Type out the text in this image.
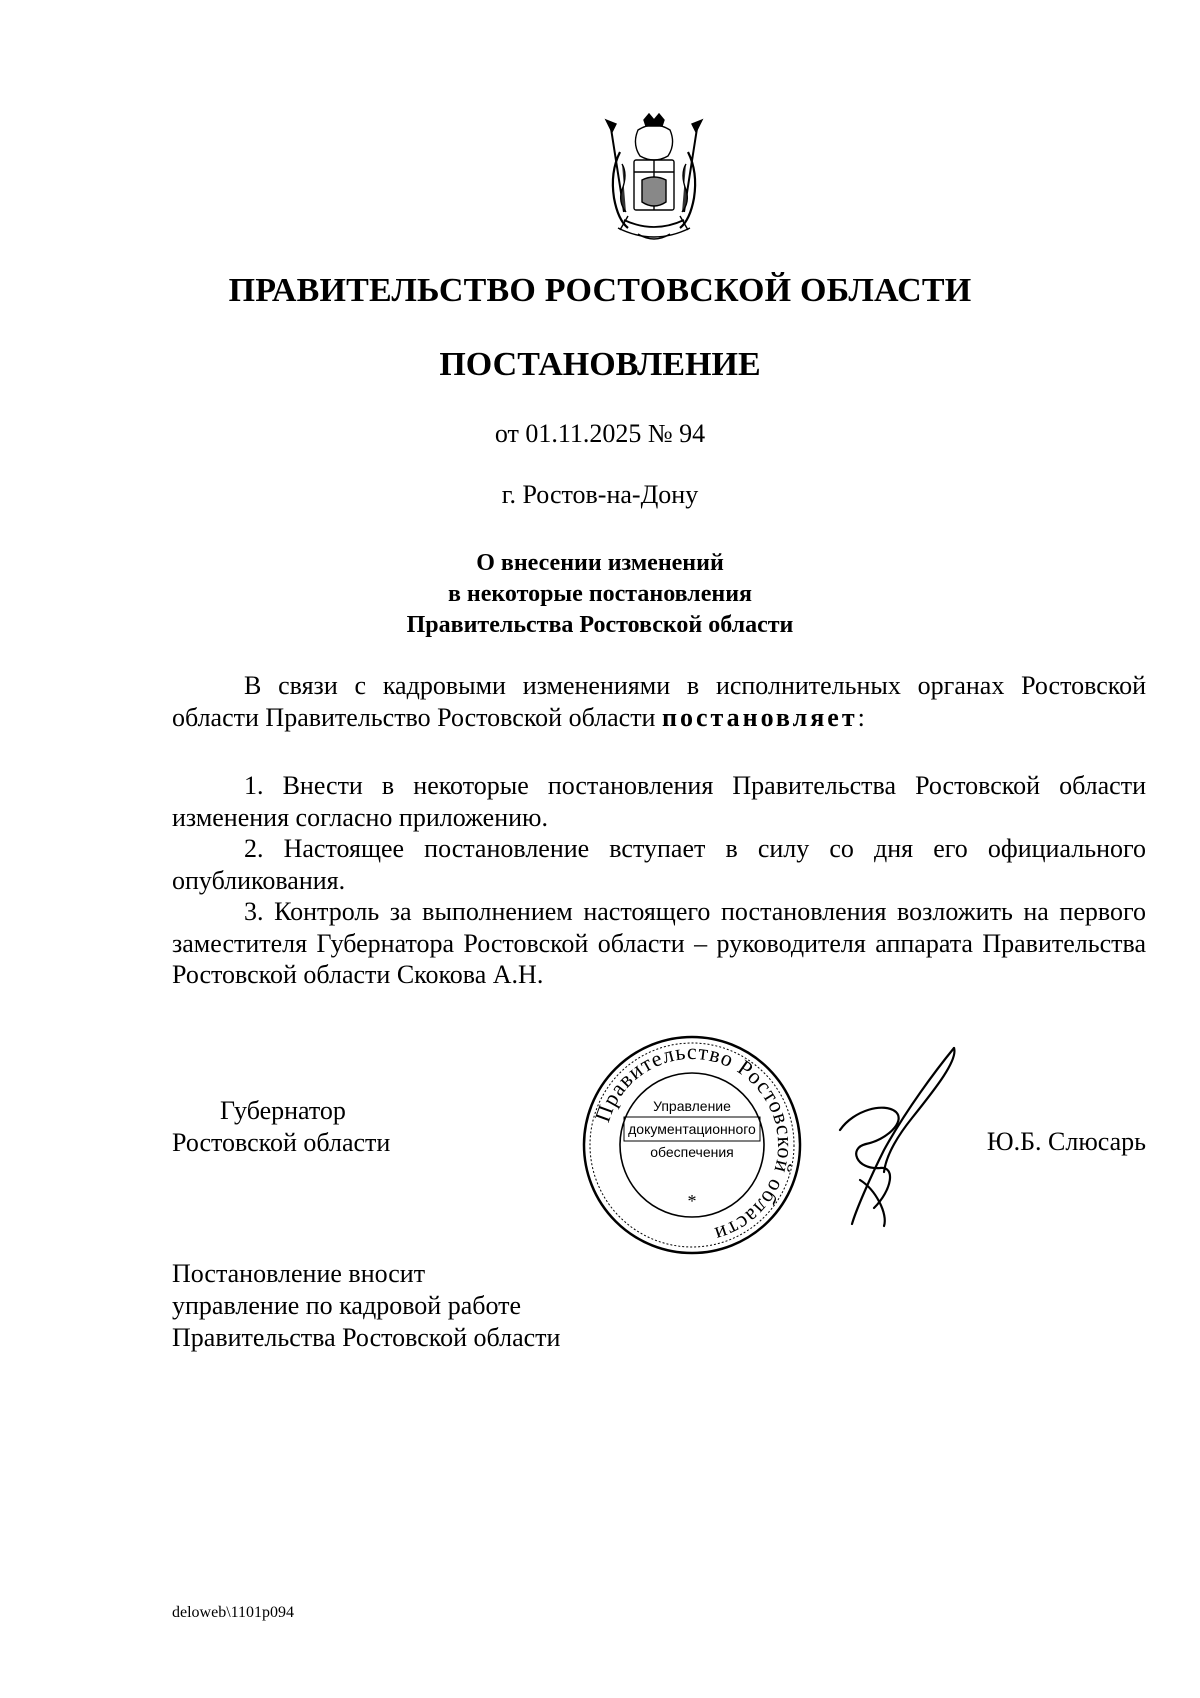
ПРАВИТЕЛЬСТВО РОСТОВСКОЙ ОБЛАСТИ
ПОСТАНОВЛЕНИЕ
от 01.11.2025 № 94
г. Ростов-на-Дону
О внесении изменений
в некоторые постановления
Правительства Ростовской области

В связи с кадровыми изменениями в исполнительных органах Ростовской области Правительство Ростовской области постановляет:

1. Внести в некоторые постановления Правительства Ростовской области изменения согласно приложению.

2. Настоящее постановление вступает в силу со дня его официального опубликования.

3. Контроль за выполнением настоящего постановления возложить на первого заместителя Губернатора Ростовской области – руководителя аппарата Правительства Ростовской области Скокова А.Н.

Губернатор
Ростовской области
Правительство Ростовской области
Управление
документационного
обеспечения
*
Ю.Б. Слюсарь
Постановление вносит
управление по кадровой работе
Правительства Ростовской области
deloweb\1101p094
